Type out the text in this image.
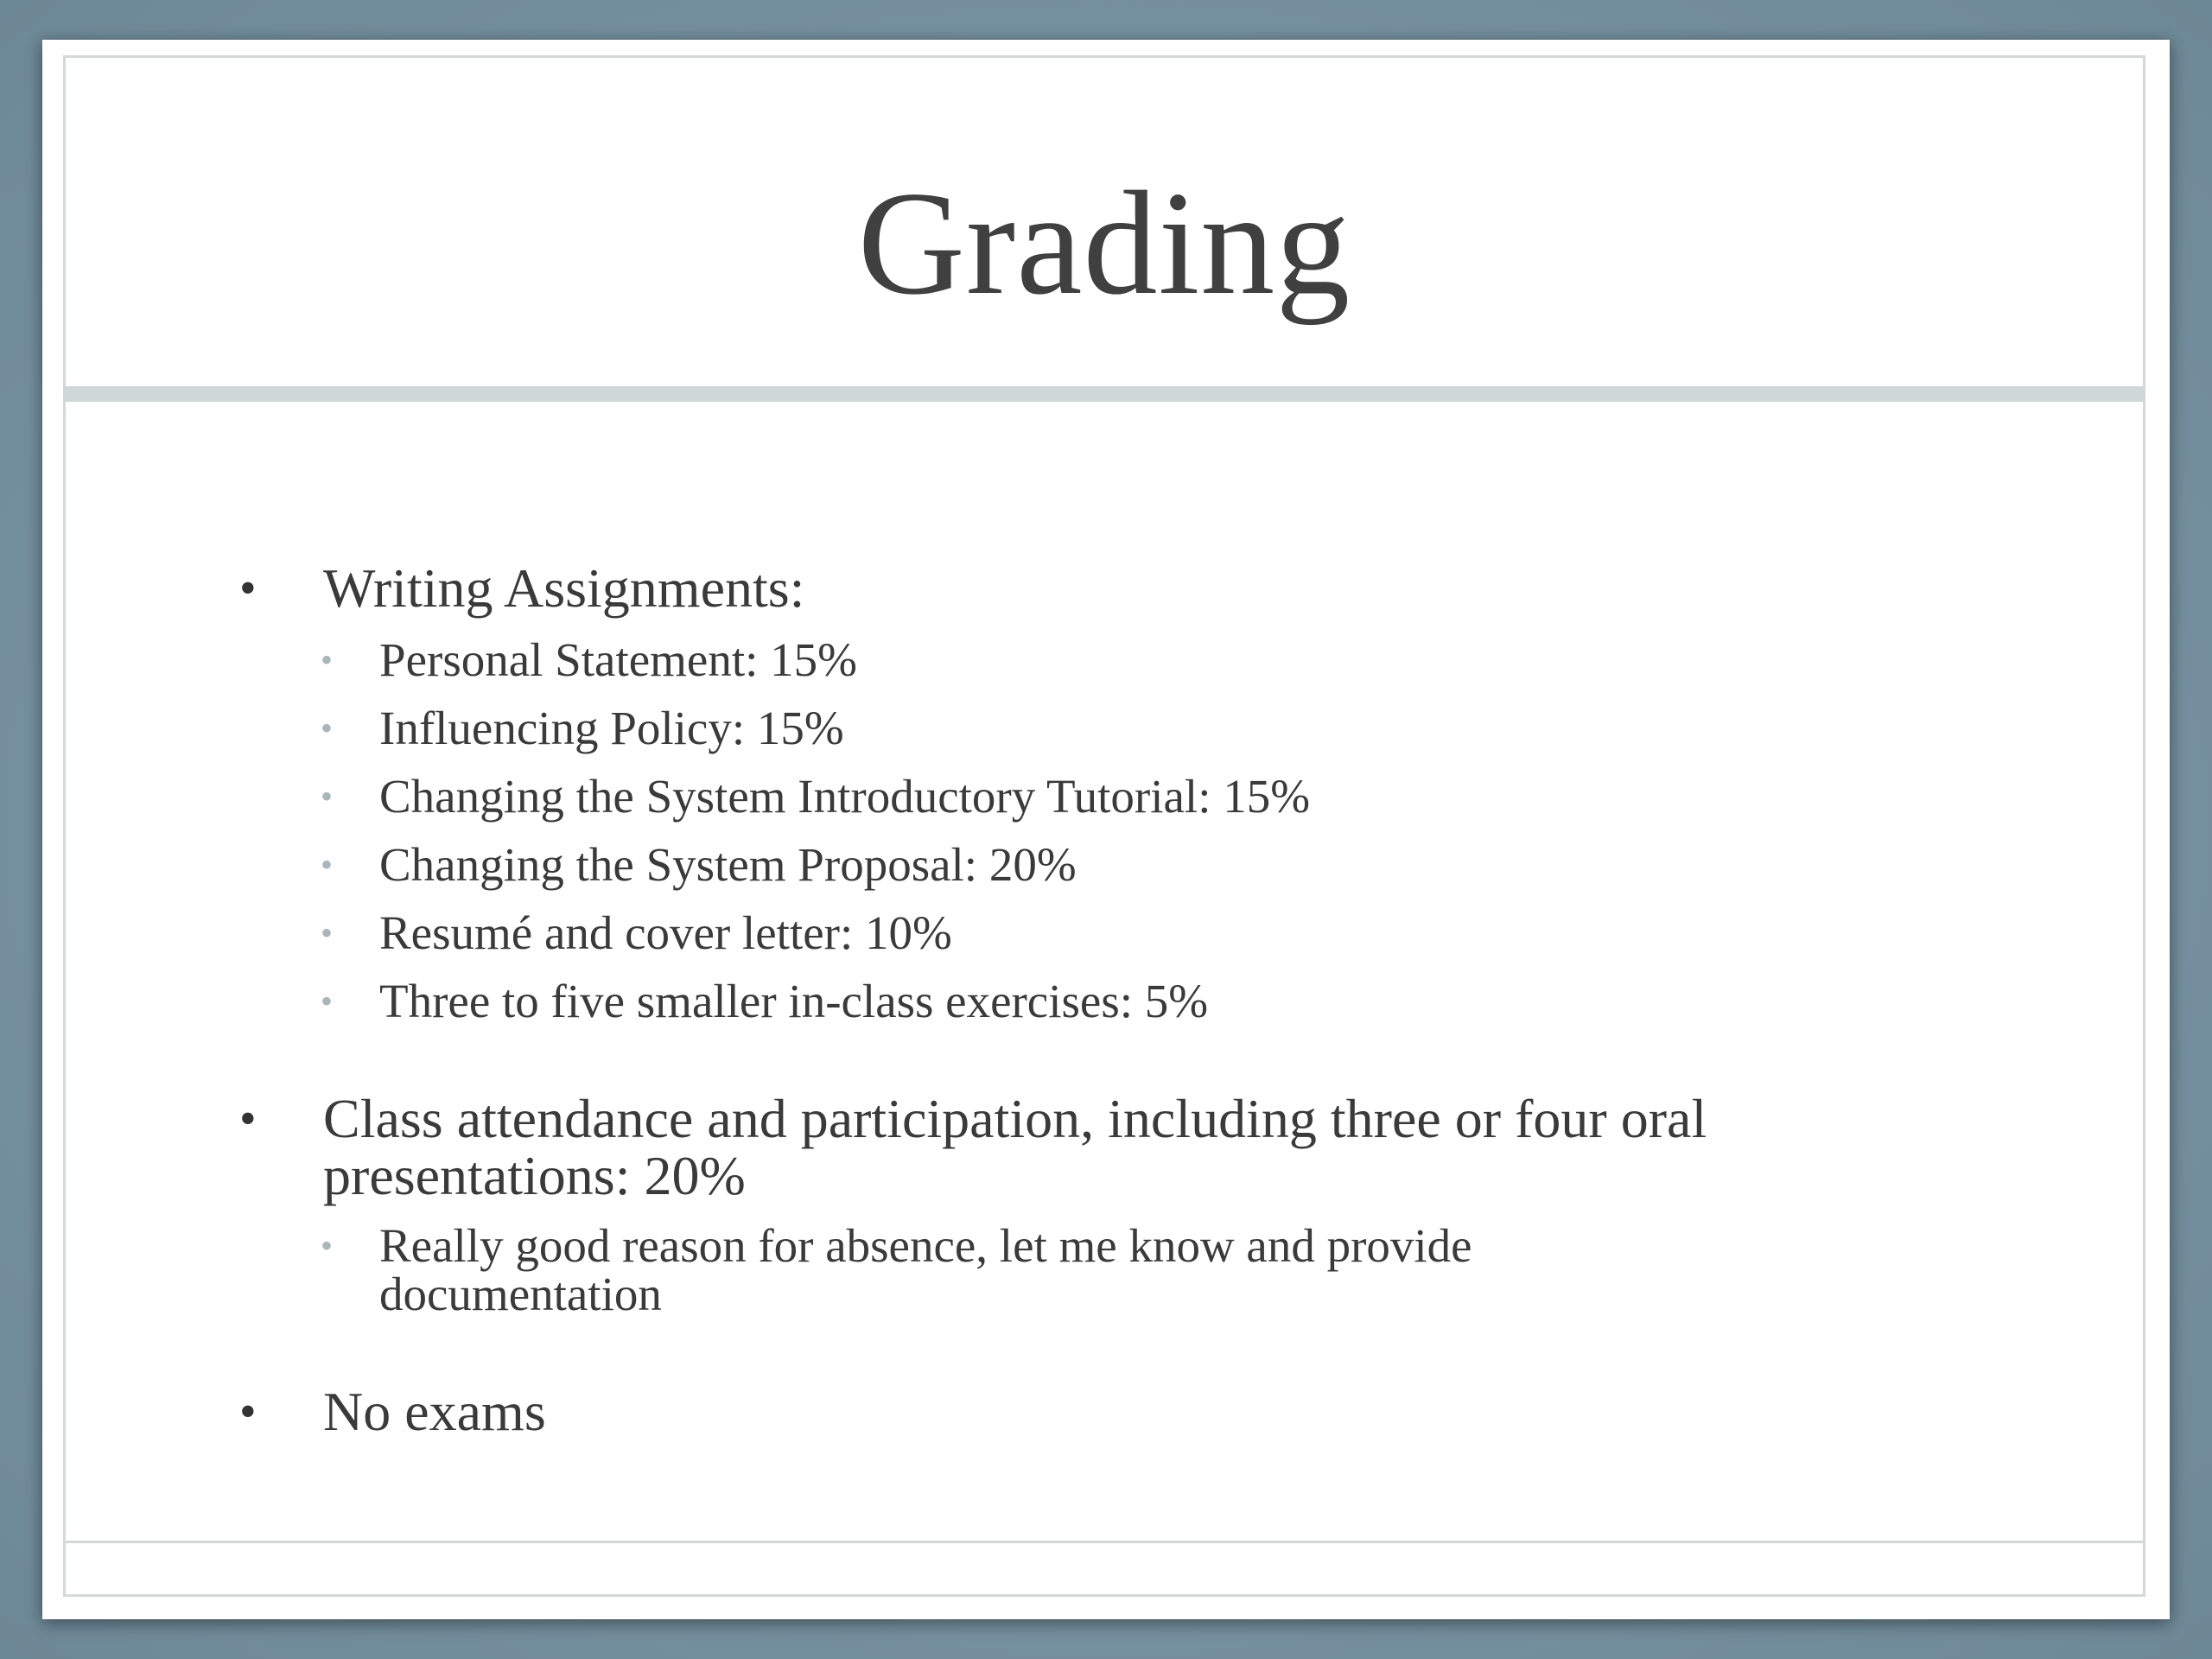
Grading
• Writing Assignments:
• Personal Statement: 15%
• Influencing Policy: 15%
• Changing the System Introductory Tutorial: 15%
• Changing the System Proposal: 20%
• Resumé and cover letter: 10%
• Three to five smaller in-class exercises: 5%
• Class attendance and participation, including three or four oral presentations: 20%
• Really good reason for absence, let me know and provide documentation
• No exams
